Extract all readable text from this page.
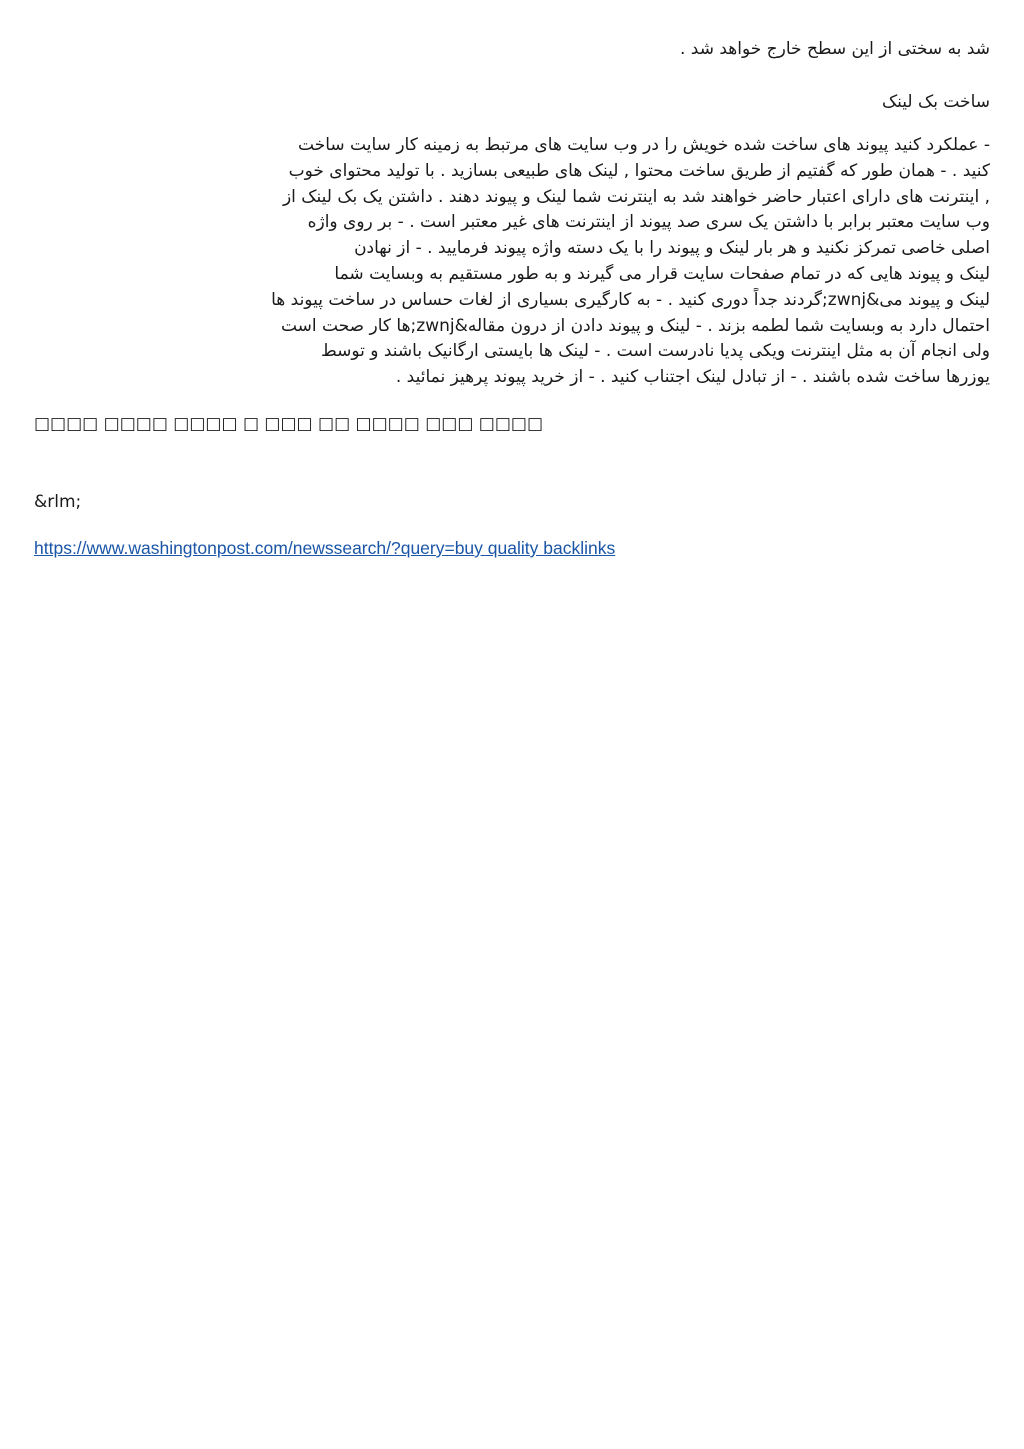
شد به سختی از این سطح خارج خواهد شد .

ساخت بک لینک

- عملکرد کنید پیوند های ساخت شده خویش را در وب سایت های مرتبط به زمینه کار سایت ساخت

کنید . - همان طور که گفتیم از طریق ساخت محتوا , لینک های طبیعی بسازید . با تولید محتوای خوب

, اینترنت های دارای اعتبار حاضر خواهند شد به اینترنت شما لینک و پیوند دهند . داشتن یک بک لینک از

وب سایت معتبر برابر با داشتن یک سری صد پیوند از اینترنت های غیر معتبر است . - بر روی واژه

اصلی خاصی تمرکز نکنید و هر بار لینک و پیوند را با یک دسته واژه پیوند فرمایید . - از نهادن

لینک و پیوند هایی که در تمام صفحات سایت قرار می گیرند و به طور مستقیم به وبسایت شما

لینک و پیوند می&zwnj;گردند جداً دوری کنید . - به کارگیری بسیاری از لغات حساس در ساخت پیوند ها

احتمال دارد به وبسایت شما لطمه بزند . - لینک و پیوند دادن از درون مقاله&zwnj;ها کار صحت است

ولی انجام آن به مثل اینترنت ویکی پدیا نادرست است . - لینک ها بایستی ارگانیک باشند و توسط

یوزرها ساخت شده باشند . - از تبادل لینک اجتناب کنید . - از خرید پیوند پرهیز نمائید .

□□□□ □□□□ □□□□ □ □□□ □□ □□□□ □□□ □□□□

&rlm;

https://www.washingtonpost.com/newssearch/?query=buy quality backlinks
